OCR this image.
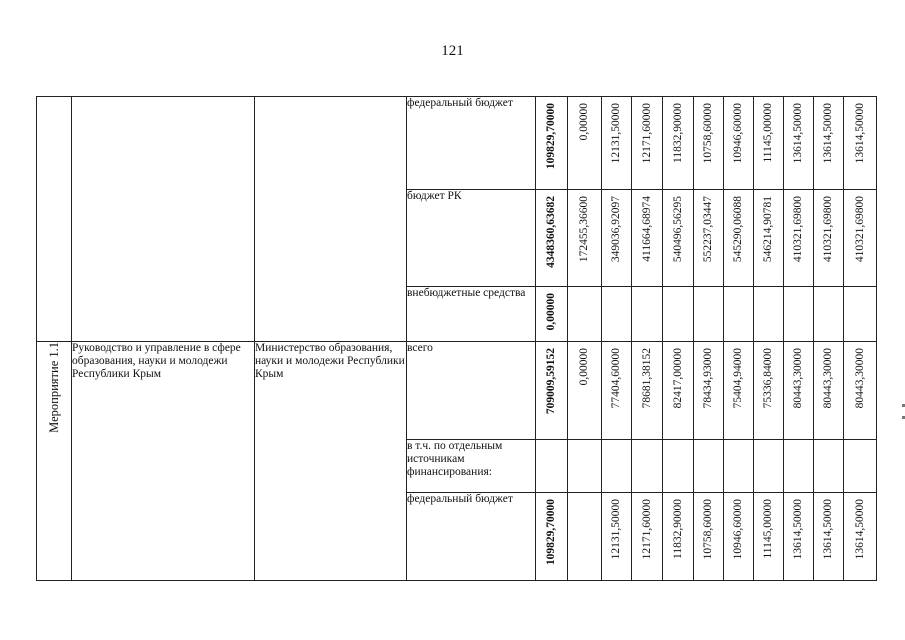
121
			федеральный бюджет	109829,70000	0,00000	12131,50000	12171,60000	11832,90000	10758,60000	10946,60000	11145,00000	13614,50000	13614,50000	13614,50000

			бюджет РК	4348360,63682	172455,36600	349036,92097	411664,68974	540496,56295	552237,03447	545290,06088	546214,90781	410321,69800	410321,69800	410321,69800

			внебюджетные средства	0,00000										

Мероприятие 1.1	Руководство и управление в сфере образования, науки и молодежи Республики Крым	Министерство образования, науки и молодежи Республики Крым	всего	709009,59152	0,00000	77404,60000	78681,38152	82417,00000	78434,93000	75404,94000	75336,84000	80443,30000	80443,30000	80443,30000

			в т.ч. по отдельным источникам финансирования:	

			федеральный бюджет	109829,70000		12131,50000	12171,60000	11832,90000	10758,60000	10946,60000	11145,00000	13614,50000	13614,50000	13614,50000
